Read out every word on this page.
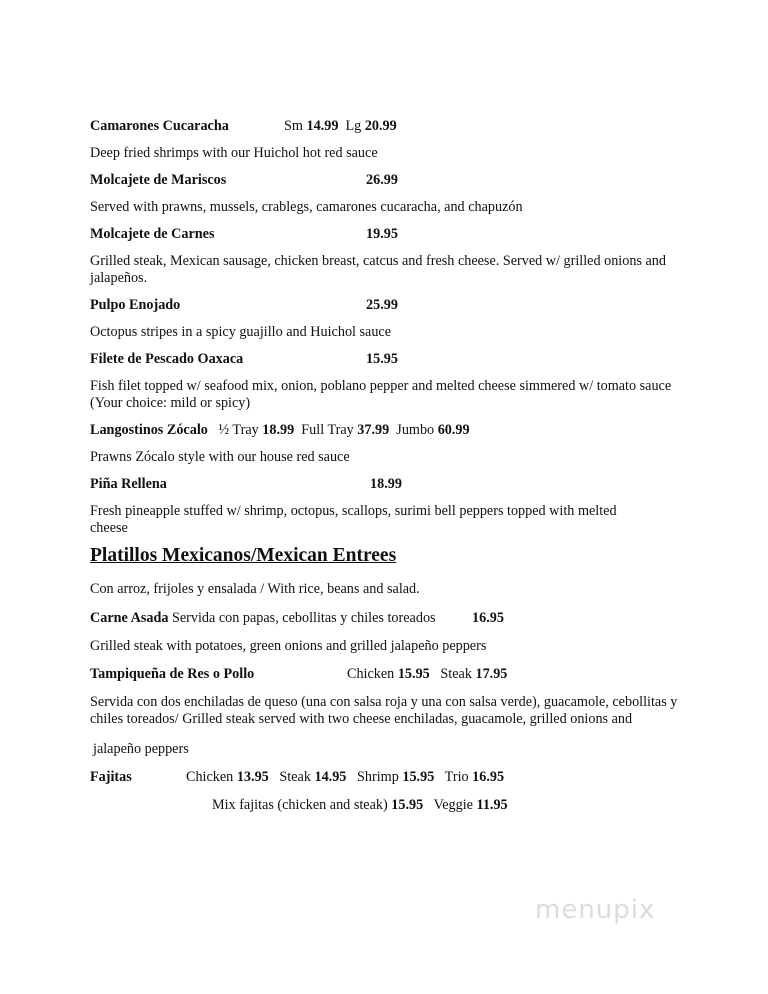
Camarones Cucaracha	Sm 14.99 Lg 20.99
Deep fried shrimps with our Huichol hot red sauce
Molcajete de Mariscos	26.99
Served with prawns, mussels, crablegs, camarones cucaracha, and chapuzón
Molcajete de Carnes	19.95
Grilled steak, Mexican sausage, chicken breast, catcus and fresh cheese. Served w/ grilled onions and jalapeños.
Pulpo Enojado	25.99
Octopus stripes in a spicy guajillo and Huichol sauce
Filete de Pescado Oaxaca	15.95
Fish filet topped w/ seafood mix, onion, poblano pepper and melted cheese simmered w/ tomato sauce (Your choice: mild or spicy)
Langostinos Zócalo ½ Tray 18.99 Full Tray 37.99 Jumbo 60.99
Prawns Zócalo style with our house red sauce
Piña Rellena	18.99
Fresh pineapple stuffed w/ shrimp, octopus, scallops, surimi bell peppers topped with melted cheese
Platillos Mexicanos/Mexican Entrees
Con arroz, frijoles y ensalada / With rice, beans and salad.
Carne Asada Servida con papas, cebollitas y chiles toreados	16.95
Grilled steak with potatoes, green onions and grilled jalapeño peppers
Tampiqueña de Res o Pollo	Chicken 15.95 Steak 17.95
Servida con dos enchiladas de queso (una con salsa roja y una con salsa verde), guacamole, cebollitas y chiles toreados/ Grilled steak served with two cheese enchiladas, guacamole, grilled onions and
jalapeño peppers
Fajitas	Chicken 13.95 Steak 14.95 Shrimp 15.95 Trio 16.95
Mix fajitas (chicken and steak) 15.95 Veggie 11.95
menupix
